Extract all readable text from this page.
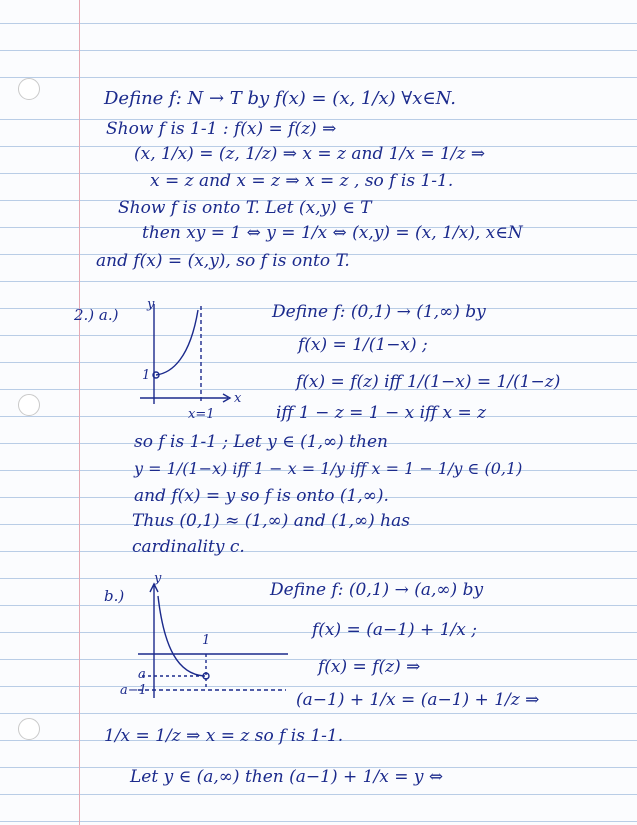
Define f: N → T by f(x) = (x, 1/x) ∀x∈N.
Show f is 1-1 : f(x) = f(z) ⇒
(x, 1/x) = (z, 1/z) ⇒ x = z and 1/x = 1/z ⇒
x = z and x = z ⇒ x = z , so f is 1-1.
Show f is onto T. Let (x,y) ∈ T
then xy = 1 ⇔ y = 1/x ⇔ (x,y) = (x, 1/x), x∈N
and f(x) = (x,y), so f is onto T.
2.) a.)
y
x
1
x=1
Define f: (0,1) → (1,∞) by
f(x) = 1/(1−x) ;
f(x) = f(z) iff 1/(1−x) = 1/(1−z)
iff 1 − z = 1 − x iff x = z
so f is 1-1 ; Let y ∈ (1,∞) then
y = 1/(1−x) iff 1 − x = 1/y iff x = 1 − 1/y ∈ (0,1)
and f(x) = y so f is onto (1,∞).
Thus (0,1) ≈ (1,∞) and (1,∞) has
cardinality c.
b.)
y
1
a
a−1
Define f: (0,1) → (a,∞) by
f(x) = (a−1) + 1/x ;
f(x) = f(z) ⇒
(a−1) + 1/x = (a−1) + 1/z ⇒
1/x = 1/z ⇒ x = z so f is 1-1.
Let y ∈ (a,∞) then (a−1) + 1/x = y ⇔
